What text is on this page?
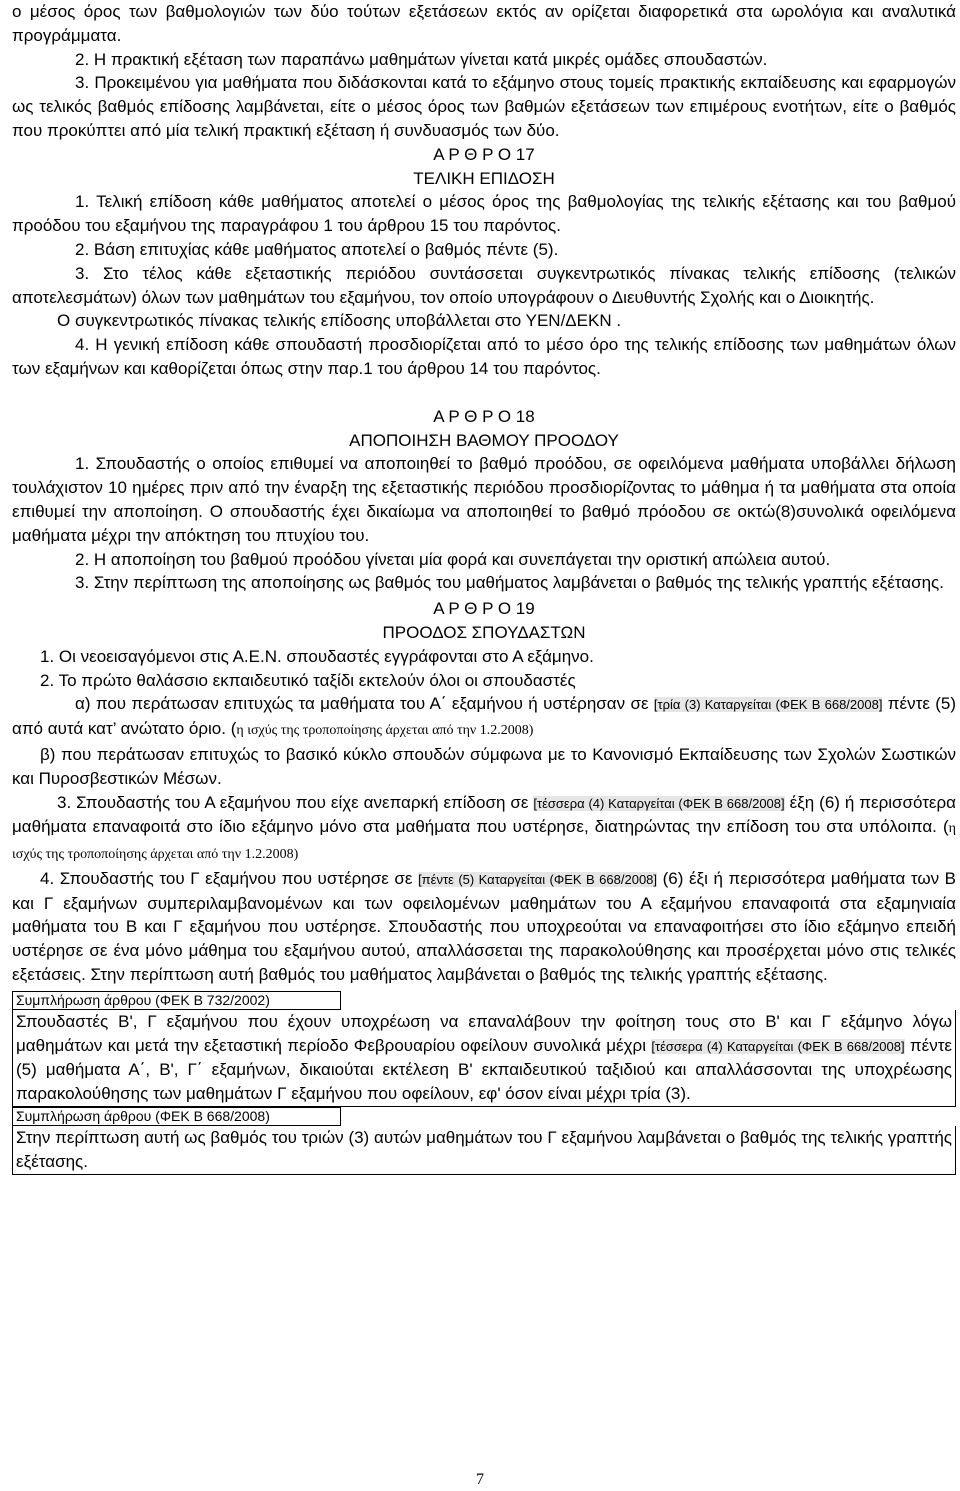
ο μέσος όρος των βαθμολογιών των δύο τούτων εξετάσεων εκτός αν ορίζεται διαφορετικά στα ωρολόγια και αναλυτικά προγράμματα.

2. Η πρακτική εξέταση των παραπάνω μαθημάτων γίνεται κατά μικρές ομάδες σπουδαστών.

3. Προκειμένου για μαθήματα που διδάσκονται κατά το εξάμηνο στους τομείς πρακτικής εκπαίδευσης και εφαρμογών ως τελικός βαθμός επίδοσης λαμβάνεται, είτε ο μέσος όρος των βαθμών εξετάσεων των επιμέρους ενοτήτων, είτε ο βαθμός που προκύπτει από μία τελική πρακτική εξέταση ή συνδυασμός των δύο.

Α Ρ Θ Ρ Ο 17

ΤΕΛΙΚΗ ΕΠΙΔΟΣΗ

1. Τελική επίδοση κάθε μαθήματος αποτελεί ο μέσος όρος της βαθμολογίας της τελικής εξέτασης και του βαθμού προόδου του εξαμήνου της παραγράφου 1 του άρθρου 15 του παρόντος.

2. Βάση επιτυχίας κάθε μαθήματος αποτελεί ο βαθμός πέντε (5).

3. Στο τέλος κάθε εξεταστικής περιόδου συντάσσεται συγκεντρωτικός πίνακας τελικής επίδοσης (τελικών αποτελεσμάτων) όλων των μαθημάτων του εξαμήνου, τον οποίο υπογράφουν ο Διευθυντής Σχολής και ο Διοικητής.

Ο συγκεντρωτικός πίνακας τελικής επίδοσης υποβάλλεται στο ΥΕΝ/ΔΕΚΝ .

4. Η γενική επίδοση κάθε σπουδαστή προσδιορίζεται από το μέσο όρο της τελικής επίδοσης των μαθημάτων όλων των εξαμήνων και καθορίζεται όπως στην παρ.1 του άρθρου 14 του παρόντος.

Α Ρ Θ Ρ Ο 18

ΑΠΟΠΟΙΗΣΗ ΒΑΘΜΟΥ ΠΡΟΟΔΟΥ

1. Σπουδαστής ο οποίος επιθυμεί να αποποιηθεί το βαθμό προόδου, σε οφειλόμενα μαθήματα υποβάλλει δήλωση τουλάχιστον 10 ημέρες πριν από την έναρξη της εξεταστικής περιόδου προσδιορίζοντας το μάθημα ή τα μαθήματα στα οποία επιθυμεί την αποποίηση. Ο σπουδαστής έχει δικαίωμα να αποποιηθεί το βαθμό πρόοδου σε οκτώ(8)συνολικά οφειλόμενα μαθήματα μέχρι την απόκτηση του πτυχίου του.

2. Η αποποίηση του βαθμού προόδου γίνεται μία φορά και συνεπάγεται την οριστική απώλεια αυτού.

3. Στην περίπτωση της αποποίησης ως βαθμός του μαθήματος λαμβάνεται ο βαθμός της τελικής γραπτής εξέτασης.

Α Ρ Θ Ρ Ο 19

ΠΡΟΟΔΟΣ ΣΠΟΥΔΑΣΤΩΝ

1. Οι νεοεισαγόμενοι στις Α.Ε.Ν. σπουδαστές εγγράφονται στο Α εξάμηνο.

2. Το πρώτο θαλάσσιο εκπαιδευτικό ταξίδι εκτελούν όλοι οι σπουδαστές

α) που περάτωσαν επιτυχώς τα μαθήματα του Α΄ εξαμήνου ή υστέρησαν σε [τρία (3) Καταργείται (ΦΕΚ Β 668/2008] πέντε (5) από αυτά κατ’ ανώτατο όριο. (η ισχύς της τροποποίησης άρχεται από την 1.2.2008)

β) που περάτωσαν επιτυχώς το βασικό κύκλο σπουδών σύμφωνα με το Κανονισμό Εκπαίδευσης των Σχολών Σωστικών και Πυροσβεστικών Μέσων.

3. Σπουδαστής του Α εξαμήνου που είχε ανεπαρκή επίδοση σε [τέσσερα (4) Καταργείται (ΦΕΚ Β 668/2008] έξη (6) ή περισσότερα μαθήματα επαναφοιτά στο ίδιο εξάμηνο μόνο στα μαθήματα που υστέρησε, διατηρώντας την επίδοση του στα υπόλοιπα. (η ισχύς της τροποποίησης άρχεται από την 1.2.2008)

4. Σπουδαστής του Γ εξαμήνου που υστέρησε σε [πέντε (5) Καταργείται (ΦΕΚ Β 668/2008] (6) έξι ή περισσότερα μαθήματα των Β και Γ εξαμήνων συμπεριλαμβανομένων και των οφειλομένων μαθημάτων του Α εξαμήνου επαναφοιτά στα εξαμηνιαία μαθήματα του Β και Γ εξαμήνου που υστέρησε. Σπουδαστής που υποχρεούται να επαναφοιτήσει στο ίδιο εξάμηνο επειδή υστέρησε σε ένα μόνο μάθημα του εξαμήνου αυτού, απαλλάσσεται της παρακολούθησης και προσέρχεται μόνο στις τελικές εξετάσεις. Στην περίπτωση αυτή βαθμός του μαθήματος λαμβάνεται ο βαθμός της τελικής γραπτής εξέτασης.

Συμπλήρωση άρθρου (ΦΕΚ Β 732/2002)
Σπουδαστές Β', Γ εξαμήνου που έχουν υποχρέωση να επαναλάβουν την φοίτηση τους στο Β' και Γ εξάμηνο λόγω μαθημάτων και μετά την εξεταστική περίοδο Φεβρουαρίου οφείλουν συνολικά μέχρι [τέσσερα (4) Καταργείται (ΦΕΚ Β 668/2008] πέντε (5) μαθήματα Α΄, Β', Γ΄ εξαμήνων, δικαιούται εκτέλεση Β' εκπαιδευτικού ταξιδιού και απαλλάσσονται της υποχρέωσης παρακολούθησης των μαθημάτων Γ εξαμήνου που οφείλουν, εφ' όσον είναι μέχρι τρία (3).
Συμπλήρωση άρθρου (ΦΕΚ Β 668/2008)
Στην περίπτωση αυτή ως βαθμός του τριών (3) αυτών μαθημάτων του Γ εξαμήνου λαμβάνεται ο βαθμός της τελικής γραπτής εξέτασης.
7
